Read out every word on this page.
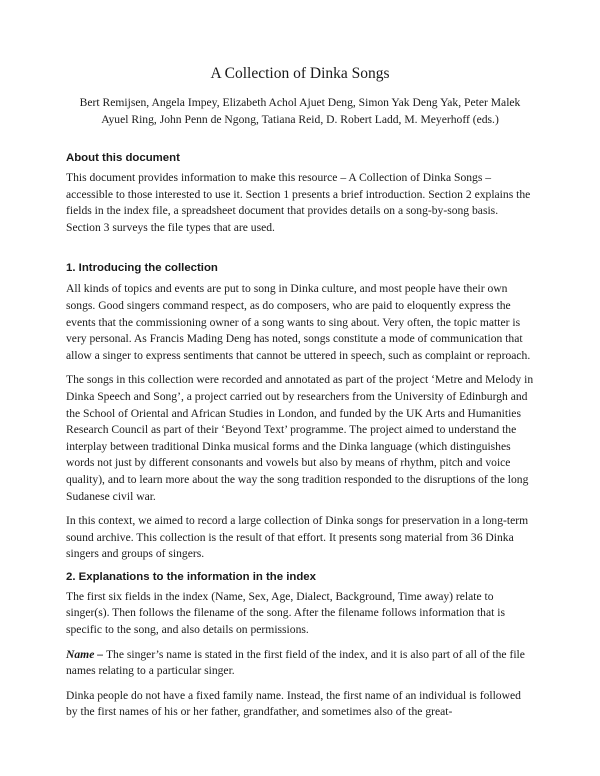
A Collection of Dinka Songs
Bert Remijsen, Angela Impey, Elizabeth Achol Ajuet Deng, Simon Yak Deng Yak, Peter Malek
Ayuel Ring, John Penn de Ngong, Tatiana Reid, D. Robert Ladd, M. Meyerhoff (eds.)
About this document

This document provides information to make this resource – A Collection of Dinka Songs – accessible to those interested to use it. Section 1 presents a brief introduction. Section 2 explains the fields in the index file, a spreadsheet document that provides details on a song-by-song basis. Section 3 surveys the file types that are used.

1. Introducing the collection

All kinds of topics and events are put to song in Dinka culture, and most people have their own songs. Good singers command respect, as do composers, who are paid to eloquently express the events that the commissioning owner of a song wants to sing about. Very often, the topic matter is very personal. As Francis Mading Deng has noted, songs constitute a mode of communication that allow a singer to express sentiments that cannot be uttered in speech, such as complaint or reproach.

The songs in this collection were recorded and annotated as part of the project ‘Metre and Melody in Dinka Speech and Song’, a project carried out by researchers from the University of Edinburgh and the School of Oriental and African Studies in London, and funded by the UK Arts and Humanities Research Council as part of their ‘Beyond Text’ programme. The project aimed to understand the interplay between traditional Dinka musical forms and the Dinka language (which distinguishes words not just by different consonants and vowels but also by means of rhythm, pitch and voice quality), and to learn more about the way the song tradition responded to the disruptions of the long Sudanese civil war.

In this context, we aimed to record a large collection of Dinka songs for preservation in a long-term sound archive. This collection is the result of that effort. It presents song material from 36 Dinka singers and groups of singers.

2. Explanations to the information in the index

The first six fields in the index (Name, Sex, Age, Dialect, Background, Time away) relate to singer(s). Then follows the filename of the song. After the filename follows information that is specific to the song, and also details on permissions.

Name – The singer’s name is stated in the first field of the index, and it is also part of all of the file names relating to a particular singer.

Dinka people do not have a fixed family name. Instead, the first name of an individual is followed by the first names of his or her father, grandfather, and sometimes also of the great-
